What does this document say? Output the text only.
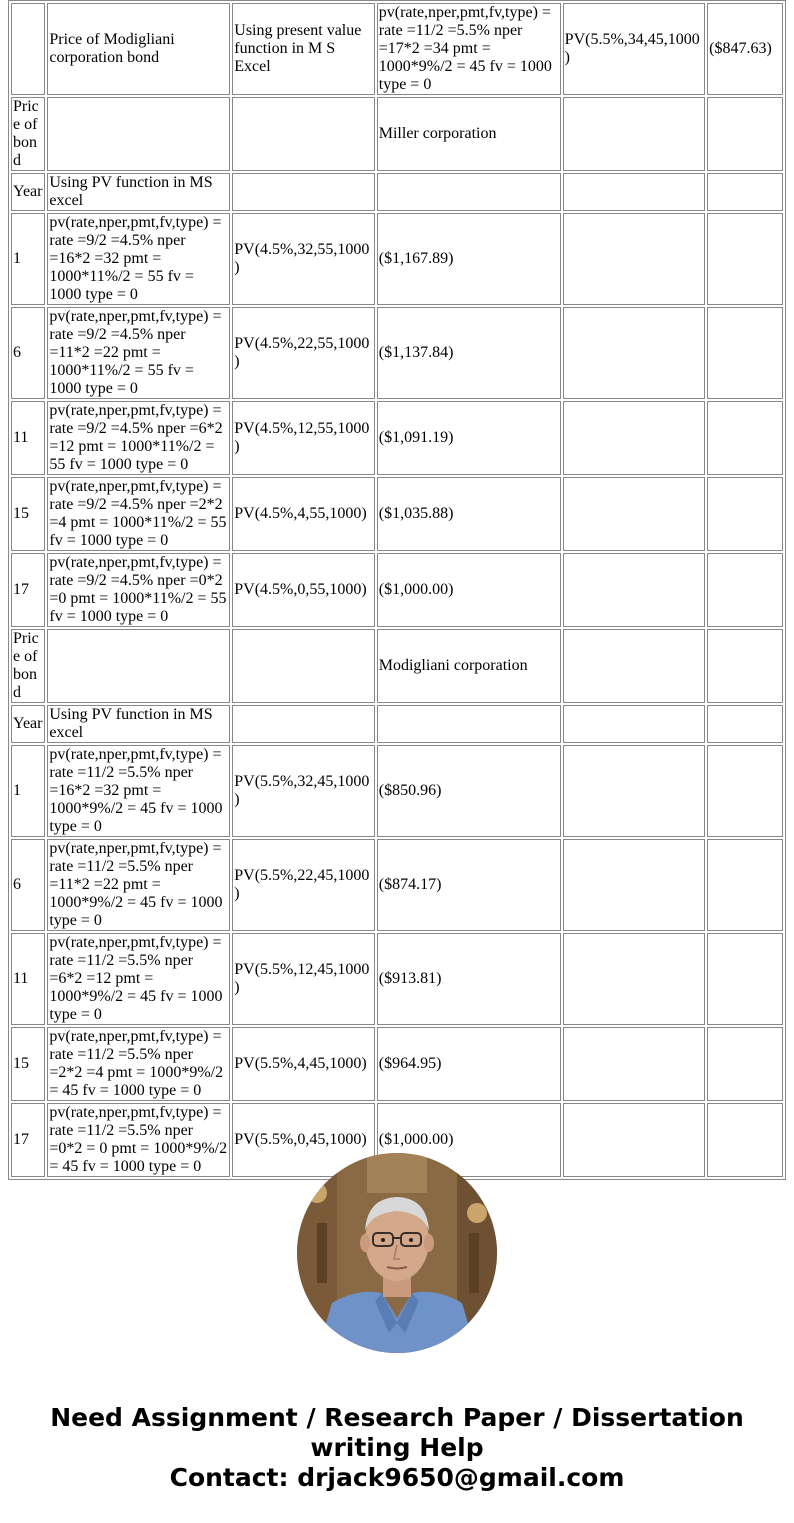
	Price of Modigliani corporation bond	Using present value function in M S Excel	pv(rate,nper,pmt,fv,type) = rate =11/2 =5.5% nper =17*2 =34 pmt = 1000*9%/2 = 45 fv = 1000 type = 0	PV(5.5%,34,45,1000)	($847.63)
Price of bond			Miller corporation		
Year	Using PV function in MS excel				
1	pv(rate,nper,pmt,fv,type) = rate =9/2 =4.5% nper =16*2 =32 pmt = 1000*11%/2 = 55 fv = 1000 type = 0	PV(4.5%,32,55,1000)	($1,167.89)		
6	pv(rate,nper,pmt,fv,type) = rate =9/2 =4.5% nper =11*2 =22 pmt = 1000*11%/2 = 55 fv = 1000 type = 0	PV(4.5%,22,55,1000)	($1,137.84)		
11	pv(rate,nper,pmt,fv,type) = rate =9/2 =4.5% nper =6*2 =12 pmt = 1000*11%/2 = 55 fv = 1000 type = 0	PV(4.5%,12,55,1000)	($1,091.19)		
15	pv(rate,nper,pmt,fv,type) = rate =9/2 =4.5% nper =2*2 =4 pmt = 1000*11%/2 = 55 fv = 1000 type = 0	PV(4.5%,4,55,1000)	($1,035.88)		
17	pv(rate,nper,pmt,fv,type) = rate =9/2 =4.5% nper =0*2 =0 pmt = 1000*11%/2 = 55 fv = 1000 type = 0	PV(4.5%,0,55,1000)	($1,000.00)		
Price of bond			Modigliani corporation		
Year	Using PV function in MS excel				
1	pv(rate,nper,pmt,fv,type) = rate =11/2 =5.5% nper =16*2 =32 pmt = 1000*9%/2 = 45 fv = 1000 type = 0	PV(5.5%,32,45,1000)	($850.96)		
6	pv(rate,nper,pmt,fv,type) = rate =11/2 =5.5% nper =11*2 =22 pmt = 1000*9%/2 = 45 fv = 1000 type = 0	PV(5.5%,22,45,1000)	($874.17)		
11	pv(rate,nper,pmt,fv,type) = rate =11/2 =5.5% nper =6*2 =12 pmt = 1000*9%/2 = 45 fv = 1000 type = 0	PV(5.5%,12,45,1000)	($913.81)		
15	pv(rate,nper,pmt,fv,type) = rate =11/2 =5.5% nper =2*2 =4 pmt = 1000*9%/2 = 45 fv = 1000 type = 0	PV(5.5%,4,45,1000)	($964.95)		
17	pv(rate,nper,pmt,fv,type) = rate =11/2 =5.5% nper =0*2 = 0 pmt = 1000*9%/2 = 45 fv = 1000 type = 0	PV(5.5%,0,45,1000)	($1,000.00)		
Need Assignment / Research Paper / Dissertation
writing Help
Contact: drjack9650@gmail.com
